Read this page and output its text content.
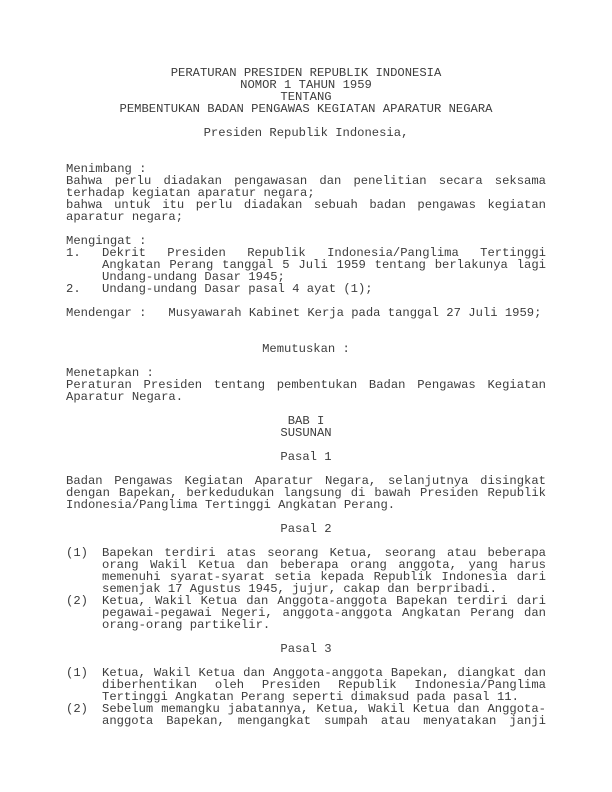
PERATURAN PRESIDEN REPUBLIK INDONESIA
NOMOR 1 TAHUN 1959
TENTANG
PEMBENTUKAN BADAN PENGAWAS KEGIATAN APARATUR NEGARA
Presiden Republik Indonesia,
Menimbang :
Bahwa perlu diadakan pengawasan dan penelitian secara seksama terhadap kegiatan aparatur negara;
bahwa untuk itu perlu diadakan sebuah badan pengawas kegiatan aparatur negara;
Mengingat :
1. Dekrit Presiden Republik Indonesia/Panglima Tertinggi Angkatan Perang tanggal 5 Juli 1959 tentang berlakunya lagi Undang-undang Dasar 1945;
2. Undang-undang Dasar pasal 4 ayat (1);
Mendengar :   Musyawarah Kabinet Kerja pada tanggal 27 Juli 1959;
Memutuskan :
Menetapkan :
Peraturan Presiden tentang pembentukan Badan Pengawas Kegiatan Aparatur Negara.
BAB I
SUSUNAN
Pasal 1
Badan Pengawas Kegiatan Aparatur Negara, selanjutnya disingkat dengan Bapekan, berkedudukan langsung di bawah Presiden Republik Indonesia/Panglima Tertinggi Angkatan Perang.
Pasal 2
(1) Bapekan terdiri atas seorang Ketua, seorang atau beberapa orang Wakil Ketua dan beberapa orang anggota, yang harus memenuhi syarat-syarat setia kepada Republik Indonesia dari semenjak 17 Agustus 1945, jujur, cakap dan berpribadi.
(2) Ketua, Wakil Ketua dan Anggota-anggota Bapekan terdiri dari pegawai-pegawai Negeri, anggota-anggota Angkatan Perang dan orang-orang partikelir.
Pasal 3
(1) Ketua, Wakil Ketua dan Anggota-anggota Bapekan, diangkat dan diberhentikan oleh Presiden Republik Indonesia/Panglima Tertinggi Angkatan Perang seperti dimaksud pada pasal 11.
(2) Sebelum memangku jabatannya, Ketua, Wakil Ketua dan Anggota-anggota Bapekan, mengangkat sumpah atau menyatakan janji
